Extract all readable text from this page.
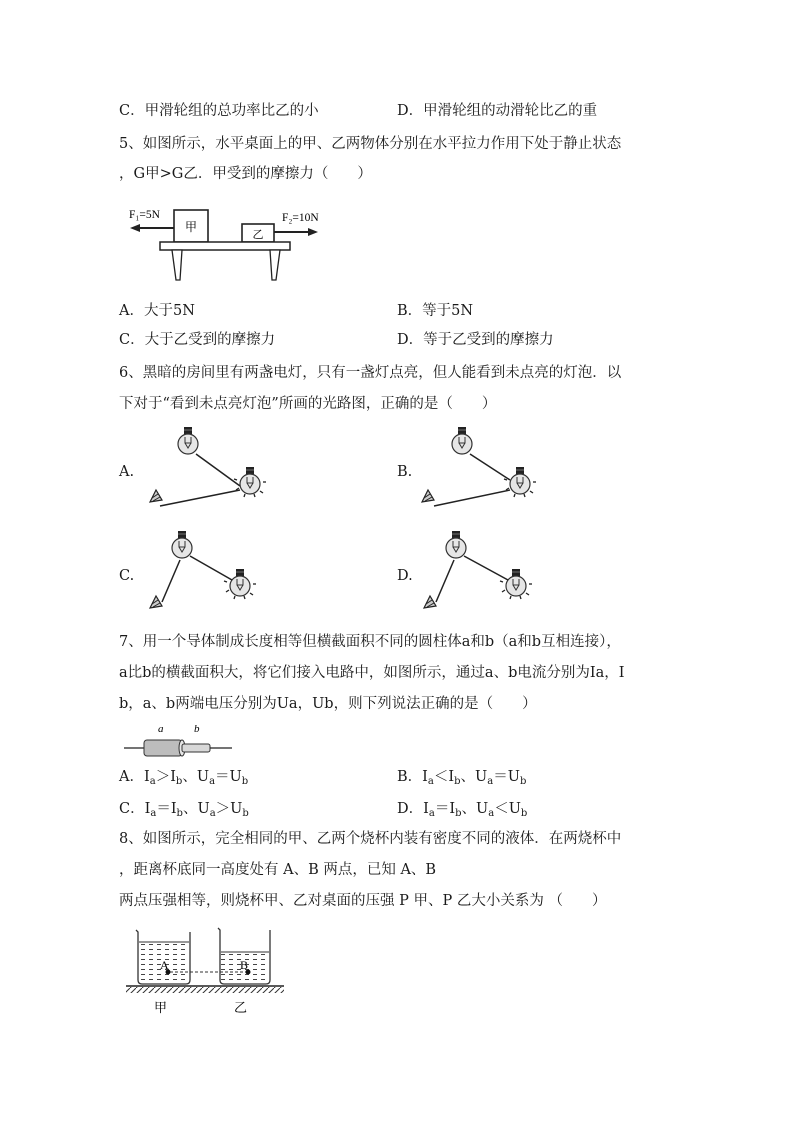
C．甲滑轮组的总功率比乙的小	D．甲滑轮组的动滑轮比乙的重
5、如图所示，水平桌面上的甲、乙两物体分别在水平拉力作用下处于静止状态
，G甲>G乙．甲受到的摩擦力（　　）
F₁=5N	F₂=10N
甲
乙
A．大于5N	B．等于5N
C．大于乙受到的摩擦力	D．等于乙受到的摩擦力
6、黑暗的房间里有两盏电灯，只有一盏灯点亮，但人能看到未点亮的灯泡．以
下对于“看到未点亮灯泡”所画的光路图，正确的是（　　）
A.	B.
C.	D.
7、用一个导体制成长度相等但横截面积不同的圆柱体a和b（a和b互相连接），
a比b的横截面积大，将它们接入电路中，如图所示，通过a、b电流分别为Ia，I
b，a、b两端电压分别为Ua，Ub，则下列说法正确的是（　　）
a	b
A．$I_a>I_b$、$U_a=U_b$	B．$I_a<I_b$、$U_a=U_b$
C．$I_a=I_b$、$U_a>U_b$	D．$I_a=I_b$、$U_a<U_b$
8、如图所示，完全相同的甲、乙两个烧杯内装有密度不同的液体．在两烧杯中
，距离杯底同一高度处有 A、B 两点，已知 A、B
两点压强相等，则烧杯甲、乙对桌面的压强 P 甲、P 乙大小关系为 （　　）
A	B
甲	乙
